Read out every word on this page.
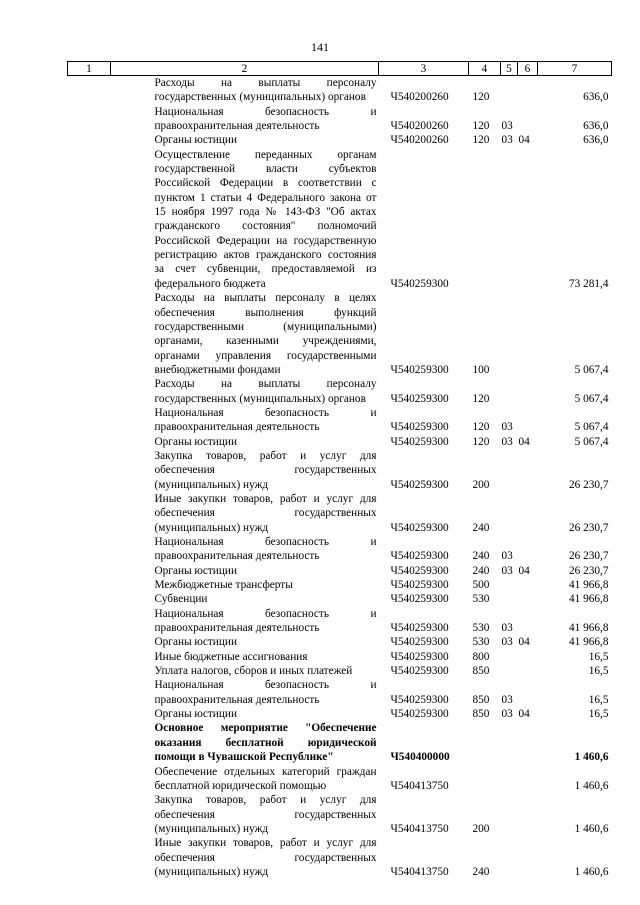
141
1	2	3	4	5	6	7
	Расходы на выплаты персоналу государственных (муниципальных) органов	Ч540200260	120			636,0
	Национальная безопасность и правоохранительная деятельность	Ч540200260	120	03		636,0
	Органы юстиции	Ч540200260	120	03	04	636,0
	Осуществление переданных органам государственной власти субъектов Российской Федерации в соответствии с пунктом 1 статьи 4 Федерального закона от 15 ноября 1997 года № 143-ФЗ "Об актах гражданского состояния" полномочий Российской Федерации на государственную регистрацию актов гражданского состояния за счет субвенции, предоставляемой из федерального бюджета	Ч540259300				73 281,4
	Расходы на выплаты персоналу в целях обеспечения выполнения функций государственными (муниципальными) органами, казенными учреждениями, органами управления государственными внебюджетными фондами	Ч540259300	100			5 067,4
	Расходы на выплаты персоналу государственных (муниципальных) органов	Ч540259300	120			5 067,4
	Национальная безопасность и правоохранительная деятельность	Ч540259300	120	03		5 067,4
	Органы юстиции	Ч540259300	120	03	04	5 067,4
	Закупка товаров, работ и услуг для обеспечения государственных (муниципальных) нужд	Ч540259300	200			26 230,7
	Иные закупки товаров, работ и услуг для обеспечения государственных (муниципальных) нужд	Ч540259300	240			26 230,7
	Национальная безопасность и правоохранительная деятельность	Ч540259300	240	03		26 230,7
	Органы юстиции	Ч540259300	240	03	04	26 230,7
	Межбюджетные трансферты	Ч540259300	500			41 966,8
	Субвенции	Ч540259300	530			41 966,8
	Национальная безопасность и правоохранительная деятельность	Ч540259300	530	03		41 966,8
	Органы юстиции	Ч540259300	530	03	04	41 966,8
	Иные бюджетные ассигнования	Ч540259300	800			16,5
	Уплата налогов, сборов и иных платежей	Ч540259300	850			16,5
	Национальная безопасность и правоохранительная деятельность	Ч540259300	850	03		16,5
	Органы юстиции	Ч540259300	850	03	04	16,5
	Основное мероприятие "Обеспечение оказания бесплатной юридической помощи в Чувашской Республике"	Ч540400000				1 460,6
	Обеспечение отдельных категорий граждан бесплатной юридической помощью	Ч540413750				1 460,6
	Закупка товаров, работ и услуг для обеспечения государственных (муниципальных) нужд	Ч540413750	200			1 460,6
	Иные закупки товаров, работ и услуг для обеспечения государственных (муниципальных) нужд	Ч540413750	240			1 460,6
